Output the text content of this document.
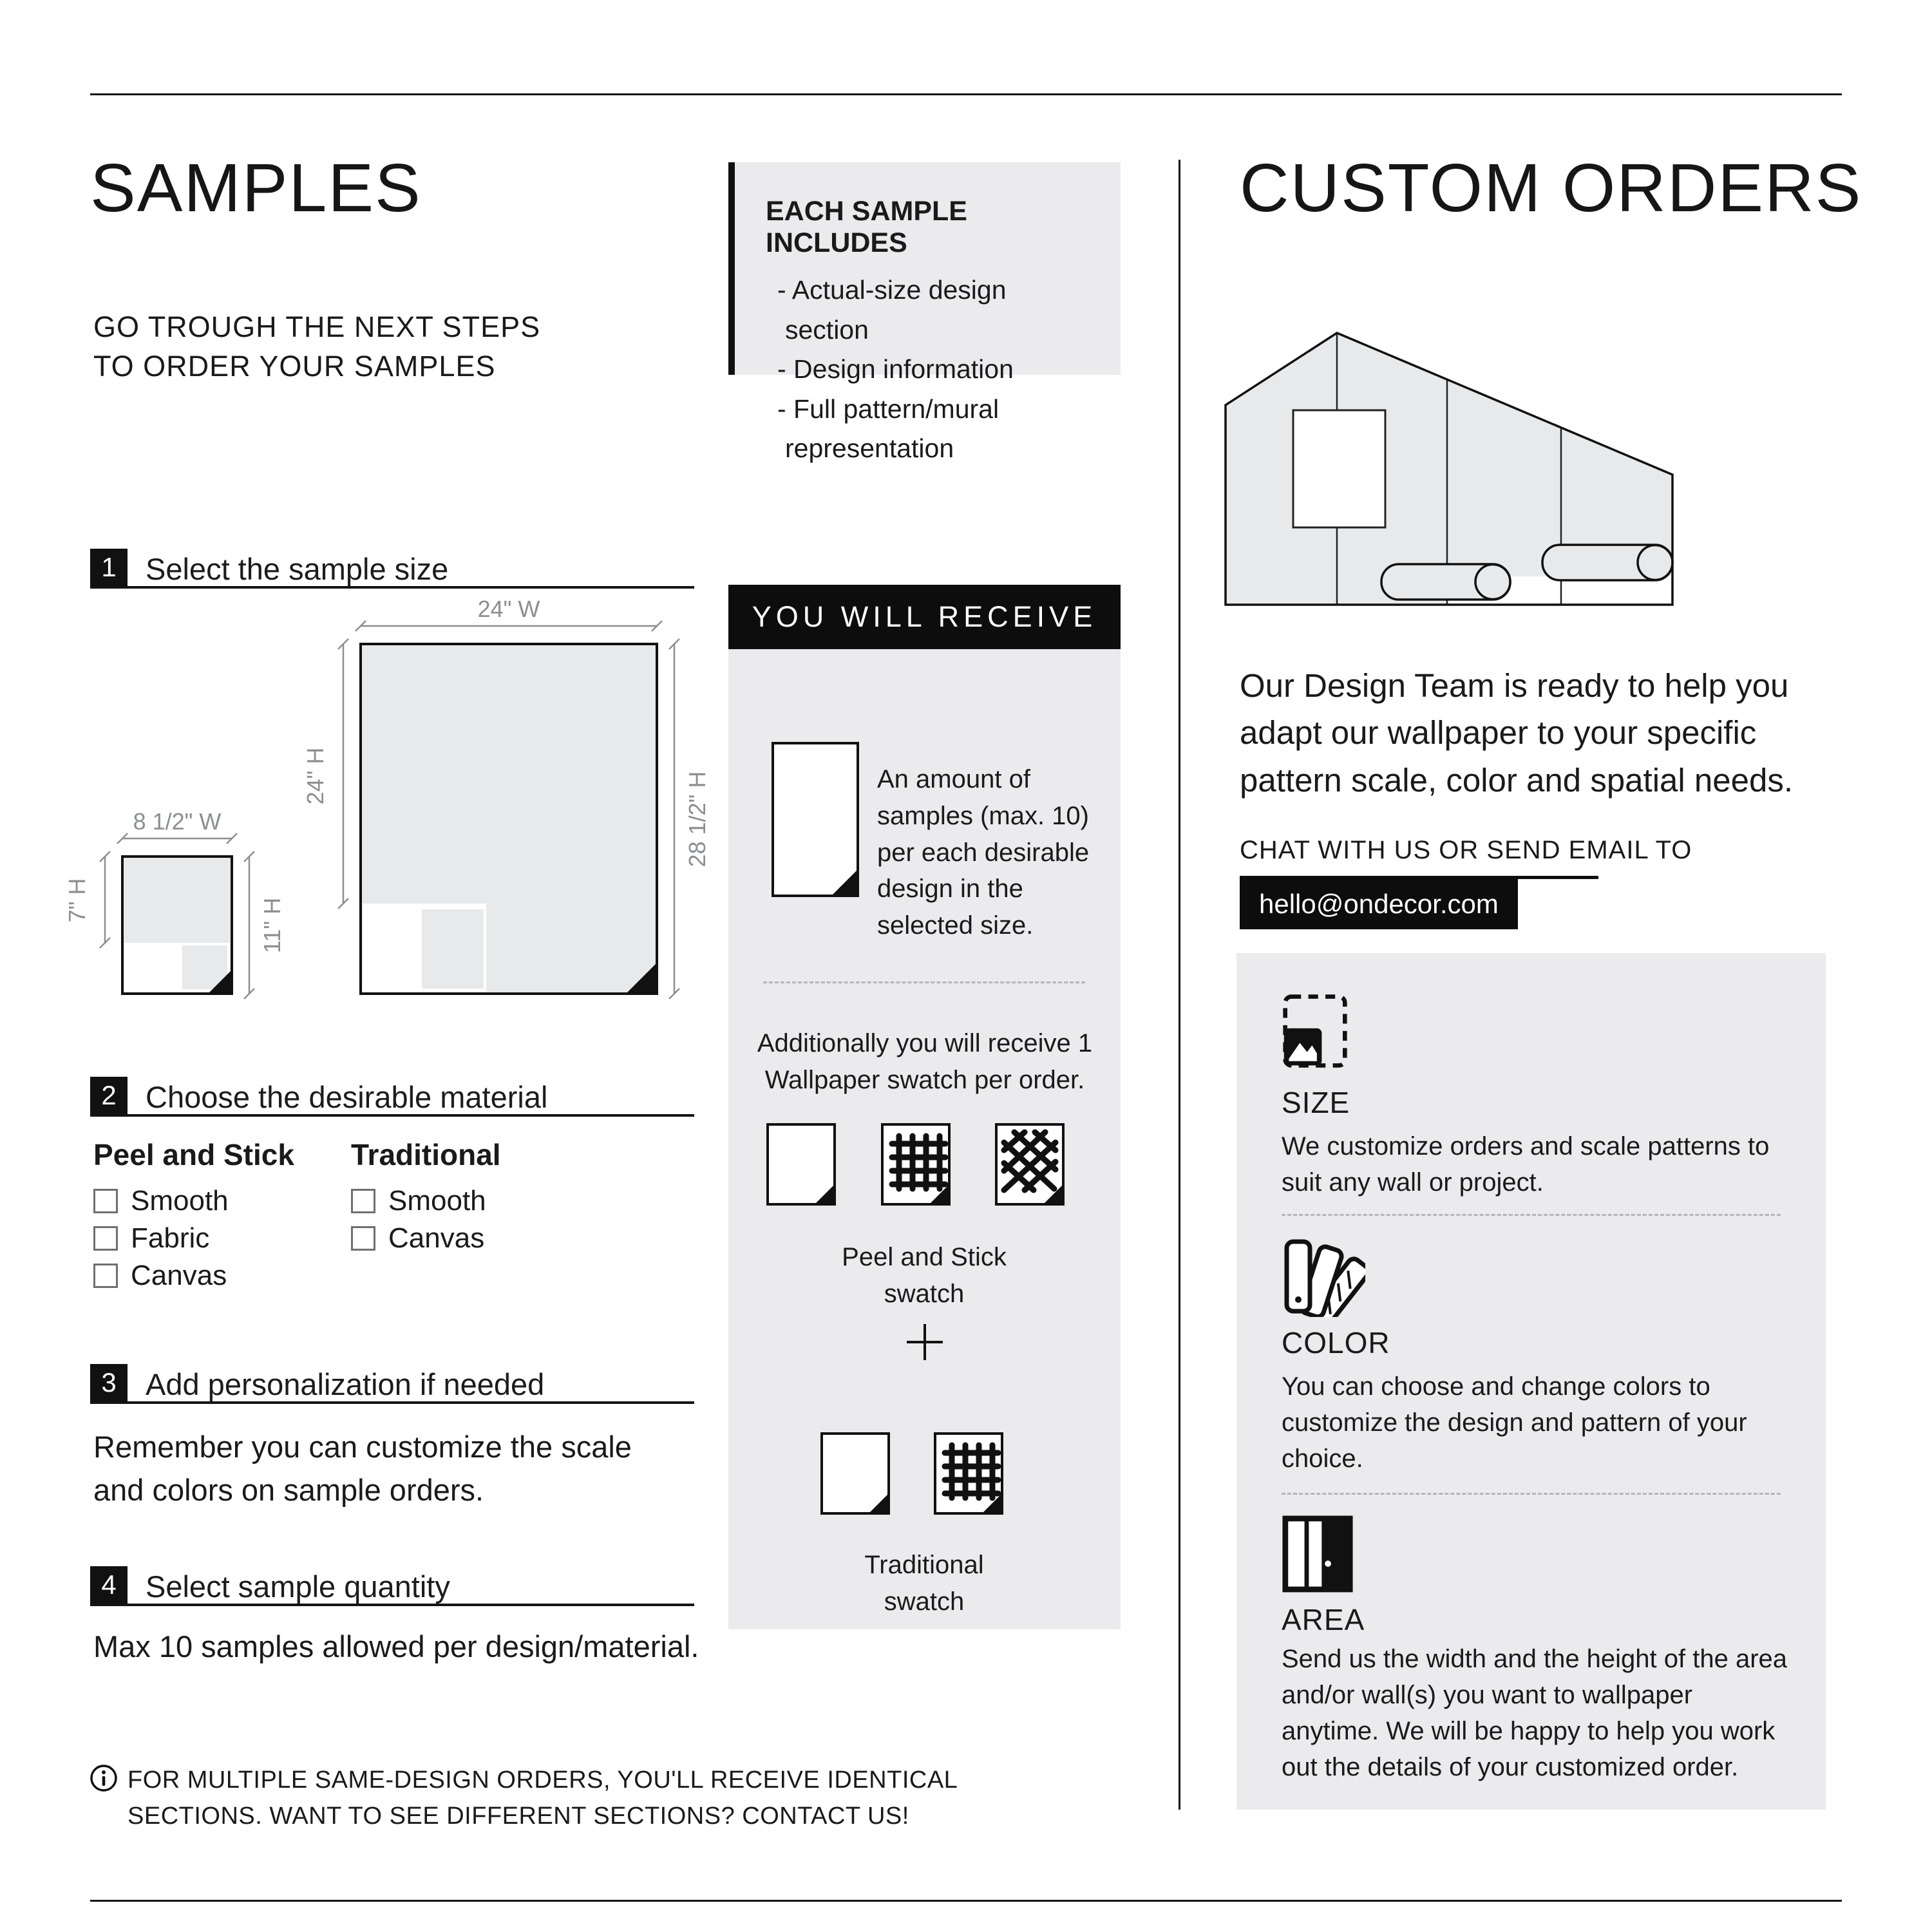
SAMPLES
GO TROUGH THE NEXT STEPS TO ORDER YOUR SAMPLES
1 Select the sample size
24" W
24" H	28 1/2" H
8 1/2" W
7" H	11" H
2 Choose the desirable material
Peel and Stick
Smooth
Fabric
Canvas
Traditional
Smooth
Canvas
3 Add personalization if needed
Remember you can customize the scale and colors on sample orders.
4 Select sample quantity
Max 10 samples allowed per design/material.
FOR MULTIPLE SAME-DESIGN ORDERS, YOU'LL RECEIVE IDENTICAL SECTIONS. WANT TO SEE DIFFERENT SECTIONS? CONTACT US!
EACH SAMPLE INCLUDES
- Actual-size design section
- Design information
- Full pattern/mural representation
YOU WILL RECEIVE
An amount of samples (max. 10) per each desirable design in the selected size.
Additionally you will receive 1 Wallpaper swatch per order.
Peel and Stick swatch
Traditional swatch
CUSTOM ORDERS
Our Design Team is ready to help you adapt our wallpaper to your specific pattern scale, color and spatial needs.
CHAT WITH US OR SEND EMAIL TO
hello@ondecor.com
SIZE
We customize orders and scale patterns to suit any wall or project.
COLOR
You can choose and change colors to customize the design and pattern of your choice.
AREA
Send us the width and the height of the area and/or wall(s) you want to wallpaper anytime. We will be happy to help you work out the details of your customized order.
